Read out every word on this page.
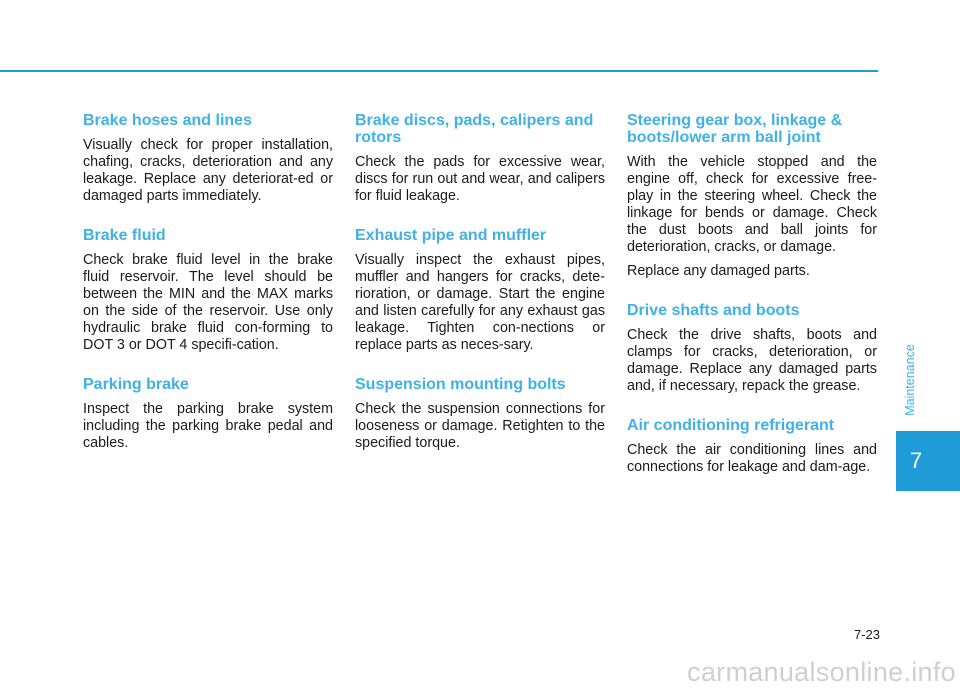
Brake hoses and lines

Visually check for proper installation, chafing, cracks, deterioration and any leakage. Replace any deteriorat-ed or damaged parts immediately.

Brake fluid

Check brake fluid level in the brake fluid reservoir. The level should be between the MIN and the MAX marks on the side of the reservoir. Use only hydraulic brake fluid con-forming to DOT 3 or DOT 4 specifi-cation.

Parking brake

Inspect the parking brake system including the parking brake pedal and cables.

Brake discs, pads, calipers and rotors

Check the pads for excessive wear, discs for run out and wear, and calipers for fluid leakage.

Exhaust pipe and muffler

Visually inspect the exhaust pipes, muffler and hangers for cracks, dete-rioration, or damage. Start the engine and listen carefully for any exhaust gas leakage. Tighten con-nections or replace parts as neces-sary.

Suspension mounting bolts

Check the suspension connections for looseness or damage. Retighten to the specified torque.

Steering gear box, linkage & boots/lower arm ball joint

With the vehicle stopped and the engine off, check for excessive free-play in the steering wheel. Check the linkage for bends or damage. Check the dust boots and ball joints for deterioration, cracks, or damage.

Replace any damaged parts.

Drive shafts and boots

Check the drive shafts, boots and clamps for cracks, deterioration, or damage. Replace any damaged parts and, if necessary, repack the grease.

Air conditioning refrigerant

Check the air conditioning lines and connections for leakage and dam-age.

Maintenance
7
7-23
carmanualsonline.info
